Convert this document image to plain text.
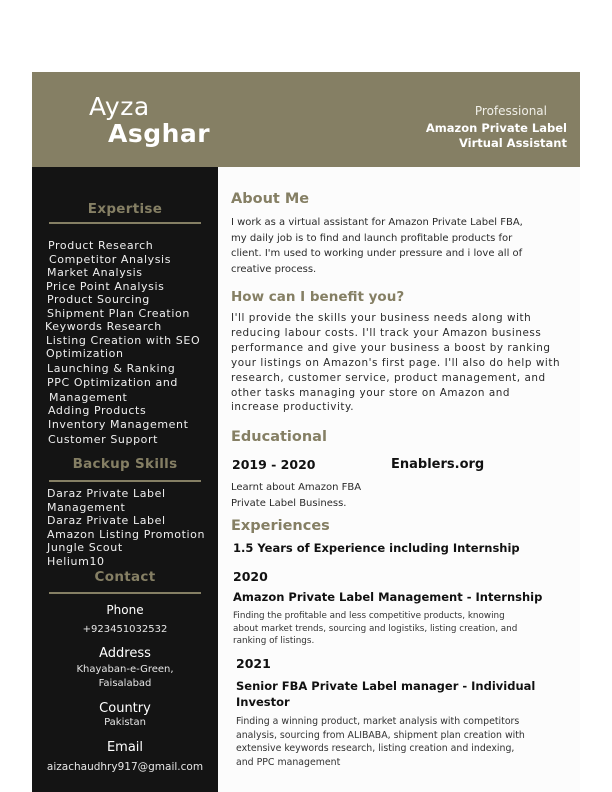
Ayza
Asghar
Professional
Amazon Private Label
Virtual Assistant
Expertise
Product Research
Competitor Analysis
Market Analysis
Price Point Analysis
Product Sourcing
Shipment Plan Creation
Keywords Research
Listing Creation with SEO
Optimization
Launching & Ranking
PPC Optimization and
Management
Adding Products
Inventory Management
Customer Support
Backup Skills
Daraz Private Label
Management
Daraz Private Label
Amazon Listing Promotion
Jungle Scout
Helium10
Contact
Phone
+923451032532
Address
Khayaban-e-Green,
Faisalabad
Country
Pakistan
Email
aizachaudhry917@gmail.com
About Me
I work as a virtual assistant for Amazon Private Label FBA,
my daily job is to find and launch profitable products for
client. I'm used to working under pressure and i love all of
creative process.
How can I benefit you?
I'll provide the skills your business needs along with
reducing labour costs. I'll track your Amazon business
performance and give your business a boost by ranking
your listings on Amazon's first page. I'll also do help with
research, customer service, product management, and
other tasks managing your store on Amazon and
increase productivity.
Educational
2019 - 2020	Enablers.org
Learnt about Amazon FBA
Private Label Business.
Experiences
1.5 Years of Experience including Internship
2020
Amazon Private Label Management - Internship
Finding the profitable and less competitive products, knowing
about market trends, sourcing and logistiks, listing creation, and
ranking of listings.
2021
Senior FBA Private Label manager - Individual
Investor
Finding a winning product, market analysis with competitors
analysis, sourcing from ALIBABA, shipment plan creation with
extensive keywords research, listing creation and indexing,
and PPC management
